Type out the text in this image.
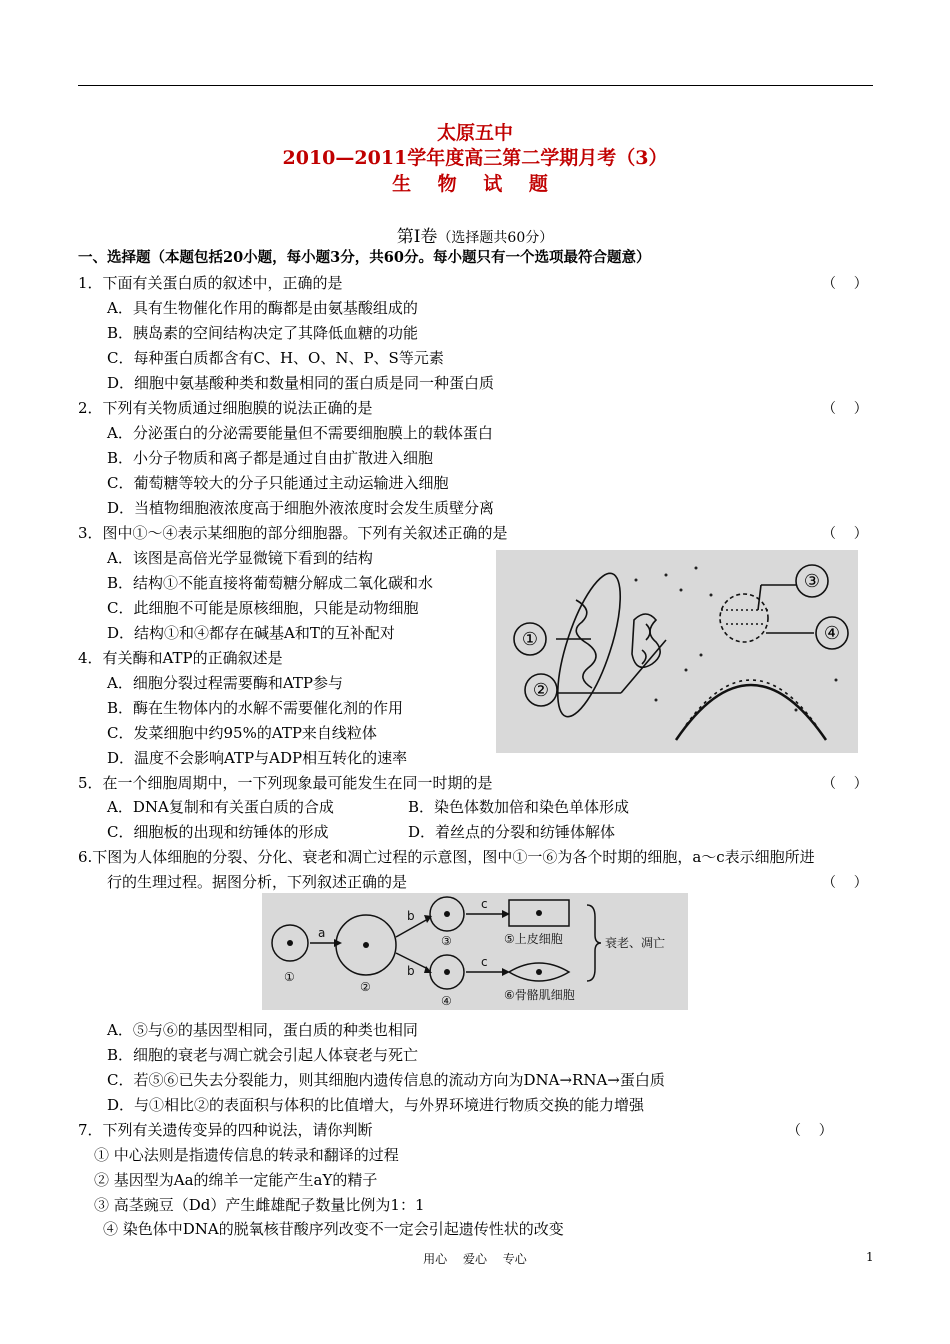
太原五中
2010—2011学年度高三第二学期月考（3）
生 物 试 题
第Ⅰ卷（选择题共60分）
一、选择题（本题包括20小题，每小题3分，共60分。每小题只有一个选项最符合题意）
1．下面有关蛋白质的叙述中，正确的是	（    ）
A．具有生物催化作用的酶都是由氨基酸组成的
B．胰岛素的空间结构决定了其降低血糖的功能
C．每种蛋白质都含有C、H、O、N、P、S等元素
D．细胞中氨基酸种类和数量相同的蛋白质是同一种蛋白质
2．下列有关物质通过细胞膜的说法正确的是	（    ）
A．分泌蛋白的分泌需要能量但不需要细胞膜上的载体蛋白
B．小分子物质和离子都是通过自由扩散进入细胞
C．葡萄糖等较大的分子只能通过主动运输进入细胞
D．当植物细胞液浓度高于细胞外液浓度时会发生质壁分离
3．图中①～④表示某细胞的部分细胞器。下列有关叙述正确的是	（    ）
A．该图是高倍光学显微镜下看到的结构
B．结构①不能直接将葡萄糖分解成二氧化碳和水
C．此细胞不可能是原核细胞，只能是动物细胞
D．结构①和④都存在碱基A和T的互补配对	①
②
③
④
4．有关酶和ATP的正确叙述是
A．细胞分裂过程需要酶和ATP参与
B．酶在生物体内的水解不需要催化剂的作用
C．发菜细胞中约95%的ATP来自线粒体
D．温度不会影响ATP与ADP相互转化的速率
5．在一个细胞周期中，一下列现象最可能发生在同一时期的是	（    ）
A．DNA复制和有关蛋白质的合成	B．染色体数加倍和染色单体形成
C．细胞板的出现和纺锤体的形成	D．着丝点的分裂和纺锤体解体
6.下图为人体细胞的分裂、分化、衰老和凋亡过程的示意图，图中①一⑥为各个时期的细胞，a～c表示细胞所进
行的生理过程。据图分析，下列叙述正确的是	（    ）
①
②
③
④
a
b
b
c
c
⑤上皮细胞
⑥骨骼肌细胞
衰老、凋亡
A．⑤与⑥的基因型相同，蛋白质的种类也相同
B．细胞的衰老与凋亡就会引起人体衰老与死亡
C．若⑤⑥已失去分裂能力，则其细胞内遗传信息的流动方向为DNA→RNA→蛋白质
D．与①相比②的表面积与体积的比值增大，与外界环境进行物质交换的能力增强
7．下列有关遗传变异的四种说法，请你判断	（    ）
① 中心法则是指遗传信息的转录和翻译的过程
② 基因型为Aa的绵羊一定能产生aY的精子
③ 高茎豌豆（Dd）产生雌雄配子数量比例为1：1
④ 染色体中DNA的脱氧核苷酸序列改变不一定会引起遗传性状的改变
用心　 爱心　 专心	1
